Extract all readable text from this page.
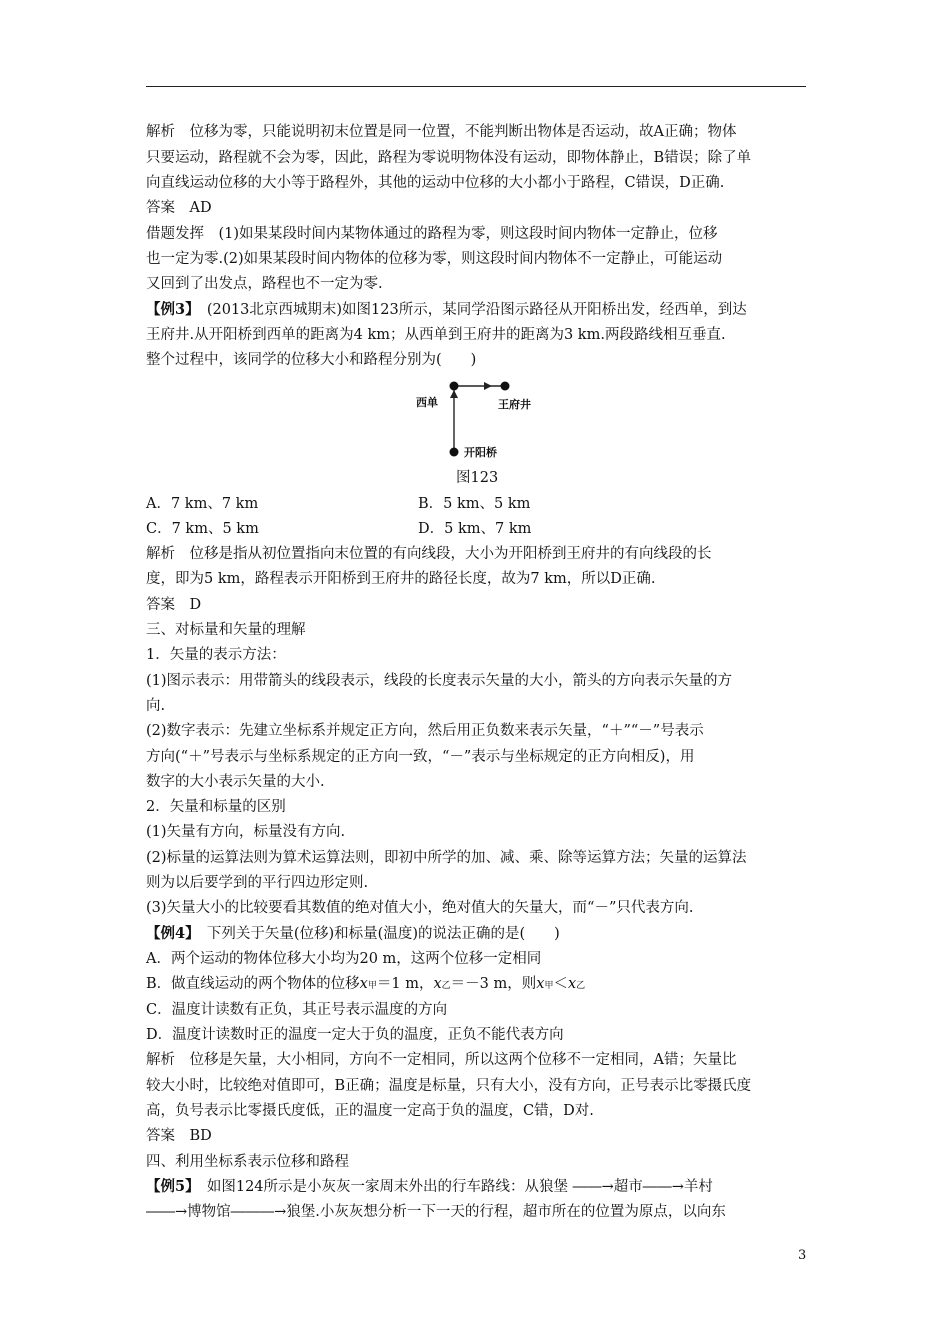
解析　位移为零，只能说明初末位置是同一位置，不能判断出物体是否运动，故A正确；物体
只要运动，路程就不会为零，因此，路程为零说明物体没有运动，即物体静止，B错误；除了单
向直线运动位移的大小等于路程外，其他的运动中位移的大小都小于路程，C错误，D正确.
答案　AD
借题发挥　(1)如果某段时间内某物体通过的路程为零，则这段时间内物体一定静止，位移
也一定为零.(2)如果某段时间内物体的位移为零，则这段时间内物体不一定静止，可能运动
又回到了出发点，路程也不一定为零.
【例3】　 (2013北京西城期末)如图123所示，某同学沿图示路径从开阳桥出发，经西单，到达
王府井.从开阳桥到西单的距离为4 km；从西单到王府井的距离为3 km.两段路线相互垂直.
整个过程中，该同学的位移大小和路程分别为(　　)
西单	王府井
开阳桥
图123
A．7 km、7 km	B．5 km、5 km
C．7 km、5 km	D．5 km、7 km
解析　位移是指从初位置指向末位置的有向线段，大小为开阳桥到王府井的有向线段的长
度，即为5 km，路程表示开阳桥到王府井的路径长度，故为7 km，所以D正确.
答案　D
三、对标量和矢量的理解
1．矢量的表示方法：
(1)图示表示：用带箭头的线段表示，线段的长度表示矢量的大小，箭头的方向表示矢量的方
向.
(2)数字表示：先建立坐标系并规定正方向，然后用正负数来表示矢量，“＋”“－”号表示
方向(“＋”号表示与坐标系规定的正方向一致，“－”表示与坐标规定的正方向相反)，用
数字的大小表示矢量的大小.
2．矢量和标量的区别
(1)矢量有方向，标量没有方向.
(2)标量的运算法则为算术运算法则，即初中所学的加、减、乘、除等运算方法；矢量的运算法
则为以后要学到的平行四边形定则.
(3)矢量大小的比较要看其数值的绝对值大小，绝对值大的矢量大，而“－”只代表方向.
【例4】　 下列关于矢量(位移)和标量(温度)的说法正确的是(　　)
A．两个运动的物体位移大小均为20 m，这两个位移一定相同
B．做直线运动的两个物体的位移x甲＝1 m，x乙＝－3 m，则x甲＜x乙
C．温度计读数有正负，其正号表示温度的方向
D．温度计读数时正的温度一定大于负的温度，正负不能代表方向
解析　位移是矢量，大小相同，方向不一定相同，所以这两个位移不一定相同，A错；矢量比
较大小时，比较绝对值即可，B正确；温度是标量，只有大小，没有方向，正号表示比零摄氏度
高，负号表示比零摄氏度低，正的温度一定高于负的温度，C错，D对.
答案　BD
四、利用坐标系表示位移和路程
【例5】　 如图124所示是小灰灰一家周末外出的行车路线：从狼堡 ――→超市――→羊村
――→博物馆―――→狼堡.小灰灰想分析一下一天的行程，超市所在的位置为原点，以向东
3
